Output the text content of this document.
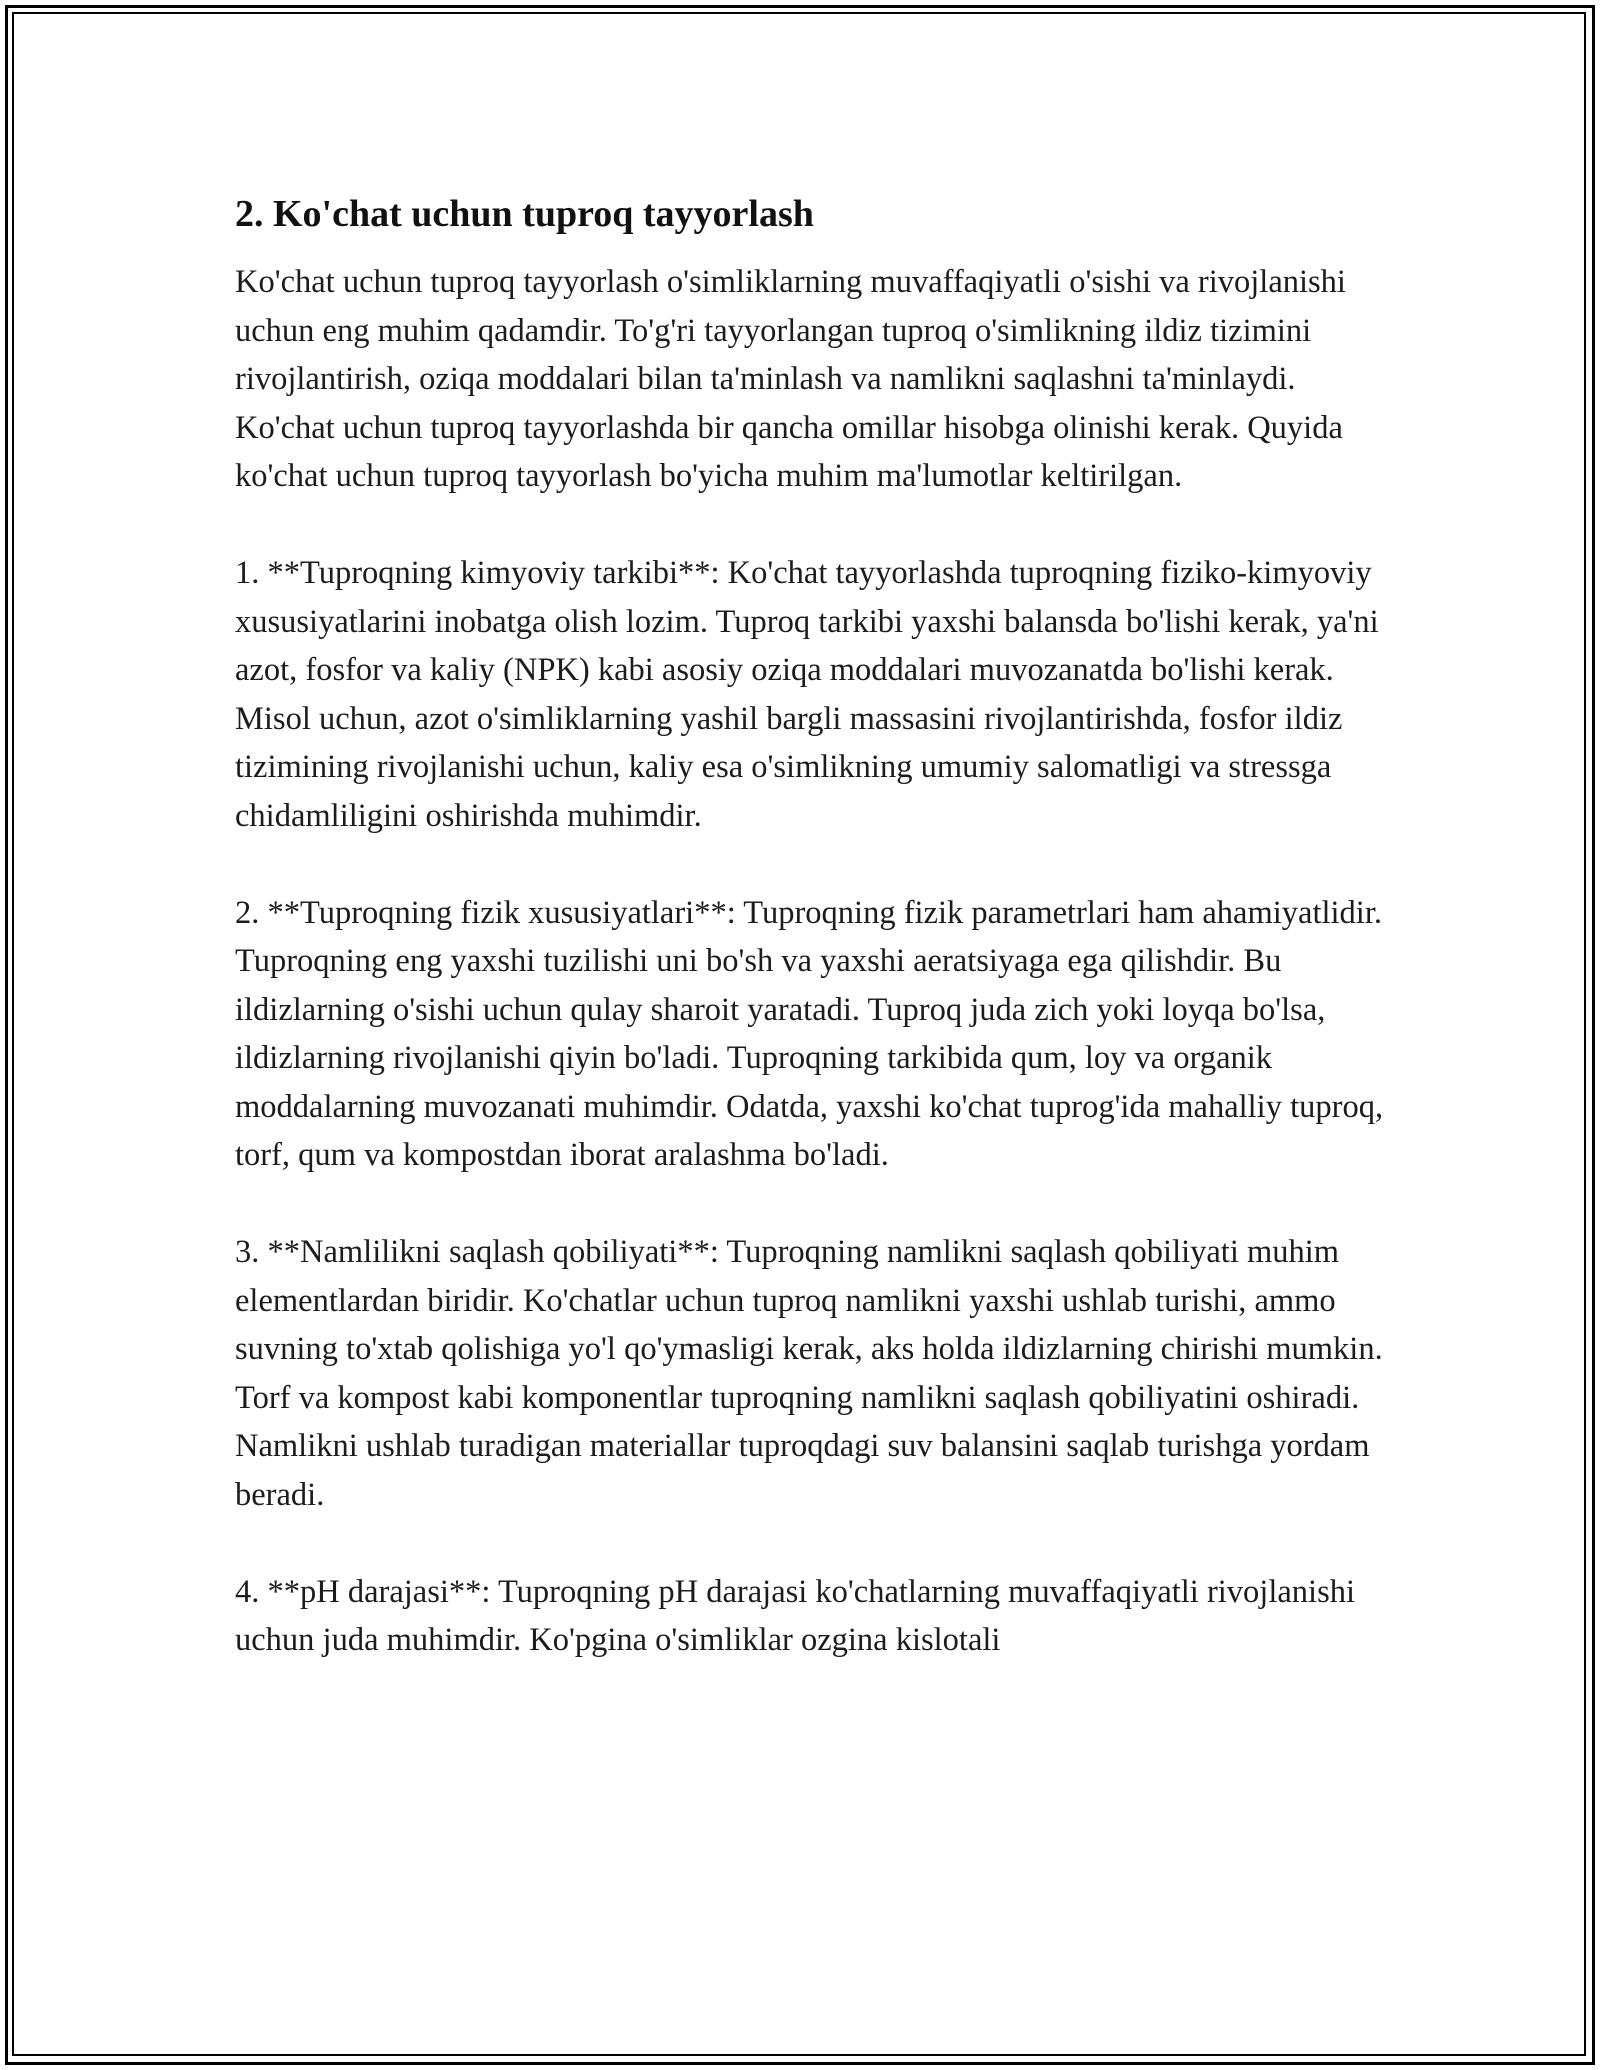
2. Ko'chat uchun tuproq tayyorlash

Ko'chat uchun tuproq tayyorlash o'simliklarning muvaffaqiyatli o'sishi va rivojlanishi uchun eng muhim qadamdir. To'g'ri tayyorlangan tuproq o'simlikning ildiz tizimini rivojlantirish, oziqa moddalari bilan ta'minlash va namlikni saqlashni ta'minlaydi. Ko'chat uchun tuproq tayyorlashda bir qancha omillar hisobga olinishi kerak. Quyida ko'chat uchun tuproq tayyorlash bo'yicha muhim ma'lumotlar keltirilgan.

1. **Tuproqning kimyoviy tarkibi**: Ko'chat tayyorlashda tuproqning fiziko-kimyoviy xususiyatlarini inobatga olish lozim. Tuproq tarkibi yaxshi balansda bo'lishi kerak, ya'ni azot, fosfor va kaliy (NPK) kabi asosiy oziqa moddalari muvozanatda bo'lishi kerak. Misol uchun, azot o'simliklarning yashil bargli massasini rivojlantirishda, fosfor ildiz tizimining rivojlanishi uchun, kaliy esa o'simlikning umumiy salomatligi va stressga chidamliligini oshirishda muhimdir.

2. **Tuproqning fizik xususiyatlari**: Tuproqning fizik parametrlari ham ahamiyatlidir. Tuproqning eng yaxshi tuzilishi uni bo'sh va yaxshi aeratsiyaga ega qilishdir. Bu ildizlarning o'sishi uchun qulay sharoit yaratadi. Tuproq juda zich yoki loyqa bo'lsa, ildizlarning rivojlanishi qiyin bo'ladi. Tuproqning tarkibida qum, loy va organik moddalarning muvozanati muhimdir. Odatda, yaxshi ko'chat tuprog'ida mahalliy tuproq, torf, qum va kompostdan iborat aralashma bo'ladi.

3. **Namlilikni saqlash qobiliyati**: Tuproqning namlikni saqlash qobiliyati muhim elementlardan biridir. Ko'chatlar uchun tuproq namlikni yaxshi ushlab turishi, ammo suvning to'xtab qolishiga yo'l qo'ymasligi kerak, aks holda ildizlarning chirishi mumkin. Torf va kompost kabi komponentlar tuproqning namlikni saqlash qobiliyatini oshiradi. Namlikni ushlab turadigan materiallar tuproqdagi suv balansini saqlab turishga yordam beradi.

4. **pH darajasi**: Tuproqning pH darajasi ko'chatlarning muvaffaqiyatli rivojlanishi uchun juda muhimdir. Ko'pgina o'simliklar ozgina kislotali
